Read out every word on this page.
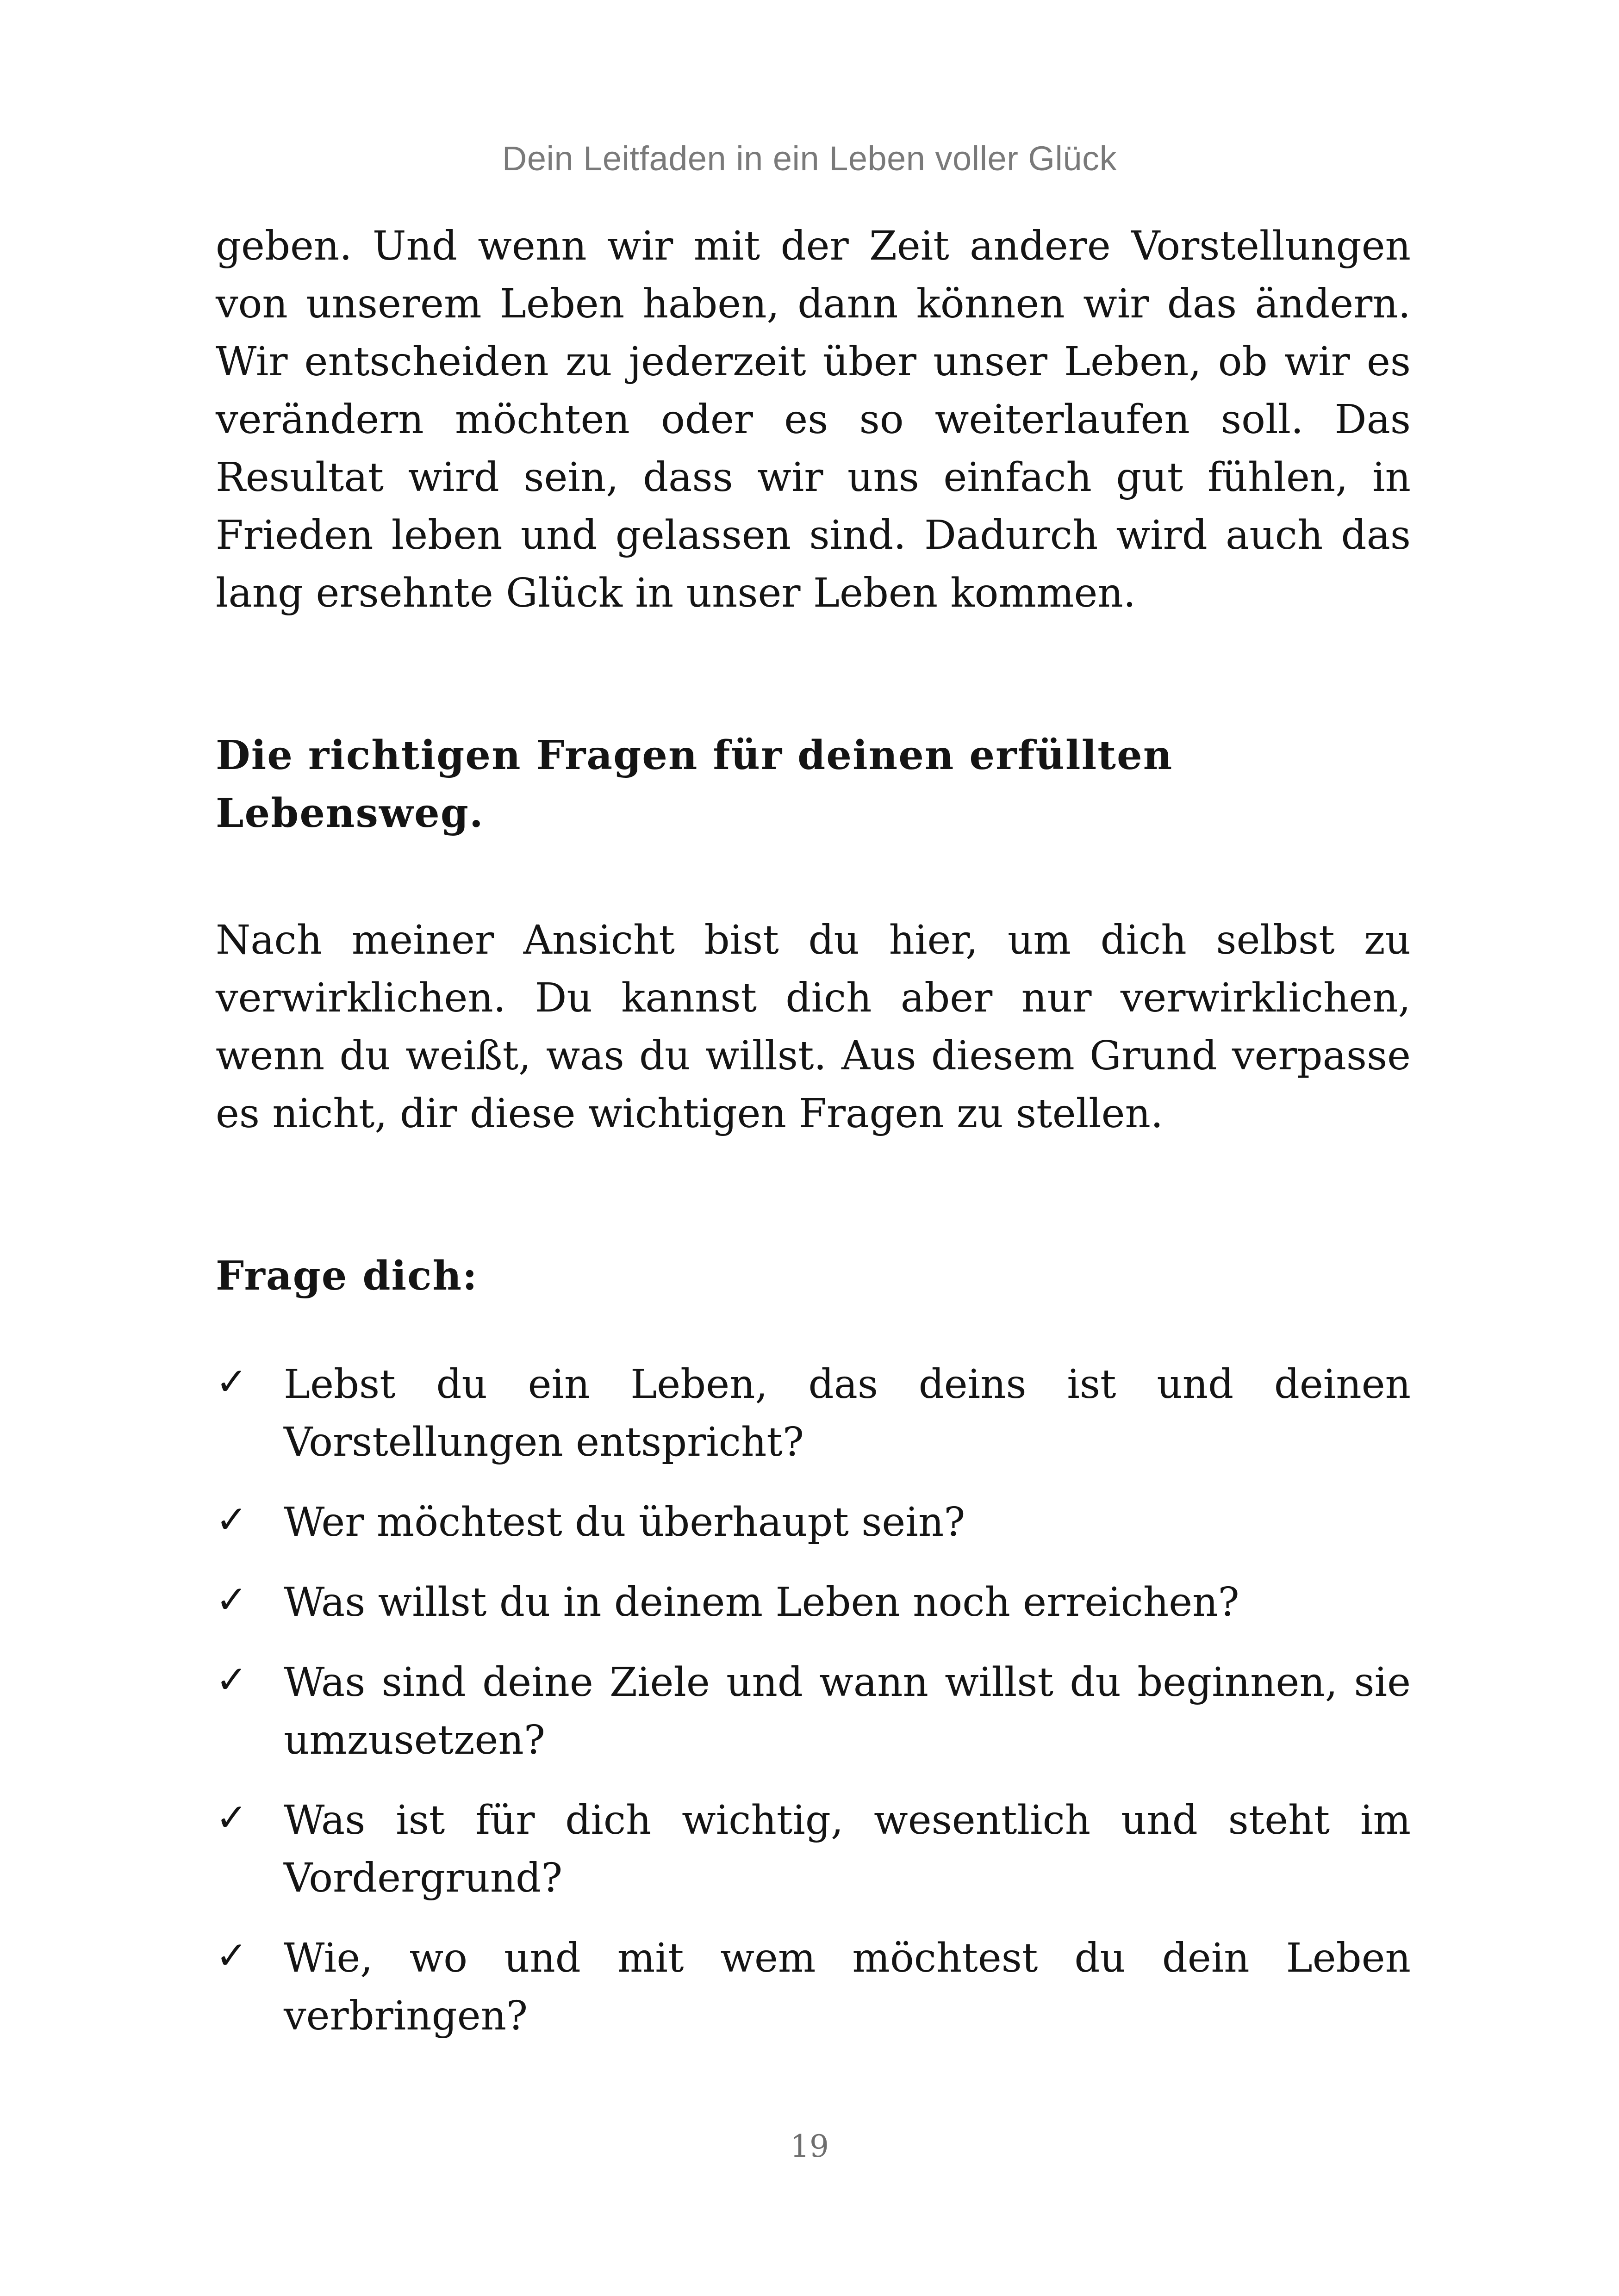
Dein Leitfaden in ein Leben voller Glück

geben. Und wenn wir mit der Zeit andere Vorstellungen von unserem Leben haben, dann können wir das ändern. Wir entscheiden zu jederzeit über unser Leben, ob wir es verändern möchten oder es so weiterlaufen soll. Das Resultat wird sein, dass wir uns einfach gut fühlen, in Frieden leben und gelassen sind. Dadurch wird auch das lang ersehnte Glück in unser Leben kommen.

Die richtigen Fragen für deinen erfüllten Lebensweg.

Nach meiner Ansicht bist du hier, um dich selbst zu verwirklichen. Du kannst dich aber nur verwirklichen, wenn du weißt, was du willst. Aus diesem Grund verpasse es nicht, dir diese wichtigen Fragen zu stellen.

Frage dich:
✓ Lebst du ein Leben, das deins ist und deinen Vorstellungen entspricht?
✓ Wer möchtest du überhaupt sein?
✓ Was willst du in deinem Leben noch erreichen?
✓ Was sind deine Ziele und wann willst du beginnen, sie umzusetzen?
✓ Was ist für dich wichtig, wesentlich und steht im Vordergrund?
✓ Wie, wo und mit wem möchtest du dein Leben verbringen?
19
